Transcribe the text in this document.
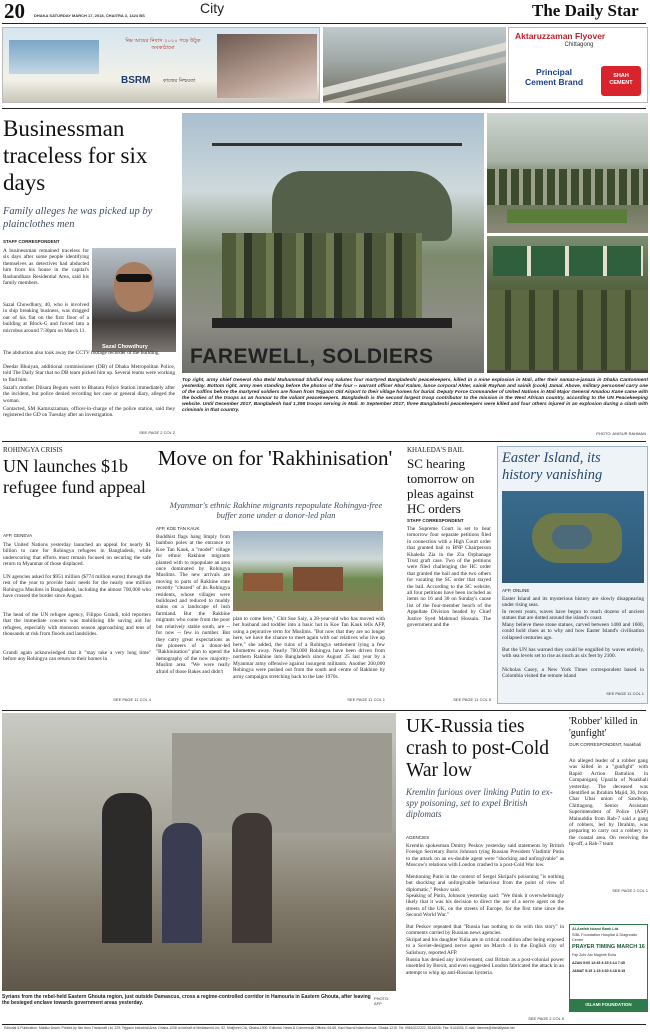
20 DHAKA SATURDAY MARCH 17, 2018, CHAITRA 3, 1424 BS	City	The Daily Star
নিম্ন আয়ের নিবাস ২০২০ গড়ে উঠুক অবকাঠামো
BSRM	কাজের নিশ্চয়তা
Aktaruzzaman Flyover
Chittagong
Principal Cement Brand
SHAH CEMENT
Businessman traceless for six days
Family alleges he was picked up by plainclothes men
STAFF CORRESPONDENT
Sazal Chowdhury
A businessman remained traceless for six days after some people identifying themselves as detectives had abducted him from his house in the capital's Bashundhara Residential Area, said his family members.
Sazal Chowdhury, 40, who is involved in ship breaking business, was dragged out of his flat on the first floor of a building at Block-G and forced into a microbus around 7:30pm on March 11.
The abduction also took away the CCTV footage recorder of the building.
Deedar Bhuiyan, additional commissioner (DB) of Dhaka Metropolitan Police, told The Daily Star that no DB team picked him up. Several teams were working to find him.
Sazal's mother Dilsara Begum went to Bhatara Police Station immediately after the incident, but police denied recording her case or general diary, alleged the woman.
Contacted, SM Kamruzzaman, officer-in-charge of the police station, said they registered the GD on Tuesday after an investigation.
SEE PAGE 2 COL 2
FAREWELL, SOLDIERS
Top right, army chief General Abu Belal Muhammad Shafiul Huq salutes four martyred Bangladeshi peacekeepers, killed in a mine explosion in Mali, after their namaz-e-janaza in Dhaka Cantonment yesterday. Bottom right, army men standing before the photos of the four -- warrant officer Abul Kalam, lance corporal Akter, sainik Rayhan and sainik (cook) Jamal. Above, military personnel carry one of the coffins before the martyred soldiers are flown from Tejgaon Old Airport to their village homes for burial. Deputy Force Commander of United Nations in Mali Major General Amadou Kane came with the bodies of the troops as an honour to the valiant peacekeepers. Bangladesh is the second largest troop contributor to the mission in the West African country, according to the UN Peacekeeping website. Until December 2017, Bangladesh had 1,398 troops serving in Mali. In September 2017, three Bangladeshi peacekeepers were killed and four others injured in an explosion during a clash with criminals in that country.
PHOTO: ANISUR RAHMAN
ROHINGYA CRISIS
UN launches $1b refugee fund appeal
AFP, GENEVA
The United Nations yesterday launched an appeal for nearly $1 billion to care for Rohingya refugees in Bangladesh, while underscoring that efforts must remain focused on securing the safe return to Myanmar of those displaced.
UN agencies asked for $951 million ($774 million euros) through the rest of the year to provide basic needs for the nearly one million Rohingya Muslims in Bangladesh, including the almost 700,000 who have crossed the border since August.
The head of the UN refugee agency, Filippo Grandi, told reporters that the immediate concern was mobilising life saving aid for refugees, especially with monsoon season approaching and tens of thousands at risk from floods and landslides.
Grandi again acknowledged that it "may take a very long time" before any Rohingya can return to their homes in
SEE PAGE 11 COL 4
Move on for 'Rakhinisation'
Myanmar's ethnic Rakhine migrants repopulate Rohingya-free buffer zone under a donor-led plan
AFP, KOE TAN KAUK
Buddhist flags hang limply from bamboo poles at the entrance to Koe Tan Kauk, a "model" village for ethnic Rakhine migrants planted with to repopulate an area once dominated by Rohingya Muslims. The new arrivals are moving to parts of Rakhine state recently "cleared" of its Rohingya residents, whose villages were bulldozed and reduced to muddy stains on a landscape of lush farmland. But the Rakhine migrants who come from the poor but relatively stable south, are -- for now -- few in number. But they carry great expectations as the pioneers of a donor-led "Rakhinisation" plan to upend the demography of the now majority-Muslim area. "We were really afraid of those Bakes and didn't
plan to come here," Chit Sue Saiy, a 28-year-old who has moved with her husband and toddler into a basic hut in Koe Tan Kauk tells AFP, using a pejorative term for Muslims. "But now that they are no longer here, we have the chance to meet again with our relatives who live up here," she added, the ruins of a Rohingya settlement lying a few kilometres away. Nearly 700,000 Rohingya have been driven from northern Rakhine into Bangladesh since August 25 last year by a Myanmar army offensive against insurgent militants. Another 200,000 Rohingya were pushed out from the south and centre of Rakhine by army campaigns stretching back to the late 1970s.
SEE PAGE 11 COL 1
KHALEDA'S BAIL
SC hearing tomorrow on pleas against HC orders
STAFF CORRESPONDENT
The Supreme Court is set to hear tomorrow four separate petitions filed in connection with a High Court order that granted bail to BNP Chairperson Khaleda Zia in the Zia Orphanage Trust graft case. Two of the petitions were filed challenging the HC order that granted the bail and the two others for vacating the SC order that stayed the bail. According to the SC website, all four petitions have been included as items no 16 and 30 on Sunday's cause list of the four-member bench of the Appellate Division headed by Chief Justice Syed Mahmud Hossain. The government and the
SEE PAGE 11 COL 5
Easter Island, its history vanishing
AFP, ONLINE
Easter Island and its mysterious history are slowly disappearing under rising seas.
In recent years, waves have begun to reach dozens of ancient statues that are dotted around the island's coast.
Many believe these stone statues, carved between 1400 and 1600, could hold clues as to why and how Easter Island's civilisation collapsed centuries ago.
But the UN has warned they could be engulfed by waves entirely, with sea levels set to rise as much as six feet by 2100.
Nicholas Casey, a New York Times correspondent based in Colombia visited the remote island
SEE PAGE 11 COL 1
Syrians from the rebel-held Eastern Ghouta region, just outside Damascus, cross a regime-controlled corridor in Hamouria in Eastern Ghouta, after leaving the besieged enclave towards government areas yesterday.
PHOTO: AFP
UK-Russia ties crash to post-Cold War low
Kremlin furious over linking Putin to ex-spy poisoning, set to expel British diplomats
AGENCIES
Kremlin spokesman Dmitry Peskov yesterday said statements by British Foreign Secretary Boris Johnson tying Russian President Vladimir Putin to the attack on an ex-double agent were "shocking and unforgivable" as Moscow's relations with London crashed to a post-Cold War low.
Mentioning Putin in the context of Sergei Skripal's poisoning "is nothing but shocking and unforgivable behaviour from the point of view of diplomatic," Peskov said.
Speaking of Putin, Johnson yesterday said: "We think it overwhelmingly likely that it was his decision to direct the use of a nerve agent on the streets of the UK, on the streets of Europe, for the first time since the Second World War."
But Peskov repeated that "Russia has nothing to do with this story" in comments carried by Russian news agencies.
Skripal and his daughter Yulia are in critical condition after being exposed to a Soviet-designed nerve agent on March 4 in the English city of Salisbury, reported AFP.
Russia has denied any involvement, cast Britain as a post-colonial power unsettled by Brexit, and even suggested London fabricated the attack in an attempt to whip up anti-Russian hysteria.
SEE PAGE 2 COL 5
'Robber' killed in 'gunfight'
OUR CORRESPONDENT, Noakhali
An alleged leader of a robber gang was killed in a "gunfight" with Rapid Action Battalion in Companiganj Upazila of Noakhali yesterday. The deceased was identified as Ibrahim Majid, 36, from Char Ubai union of Sandwip, Chittagong. Senior Assistant Superintendent of Police (ASP) Mainuddin from Rab-7 said a gang of robbers, led by Ibrahim, was preparing to carry out a robbery in the coastal area. On receiving the tip-off, a Rab-7 team
SEE PAGE 2 COL 1
Al-Arafah Islami Bank Ltd.
SIBL Foundation Hospital & Diagnostic Center
PRAYER TIMING MARCH 16
Fajr Zohr Asr Maghrib Esha
AZAN 5:00 12:45 4:15 6:14 7:45
JAMAT 5:15 1:15 4:30 6:18 8:15
ISLAMI FOUNDATION
Editorial & Publication: Mahfuz Anam. Printed by him from Transcraft Ltd, 229, Tejgaon Industrial Area, Dhaka-1208 on behalf of Mediaworld Ltd, 52, Motijheel C/A, Dhaka-1000. Editorial, News & Commercial Offices: 64-65, Kazi Nazrul Islam Avenue, Dhaka-1215. Tel: 09610222222, 8144026; Fax: 9144033; E-mail: dsnews@thedailystar.net
